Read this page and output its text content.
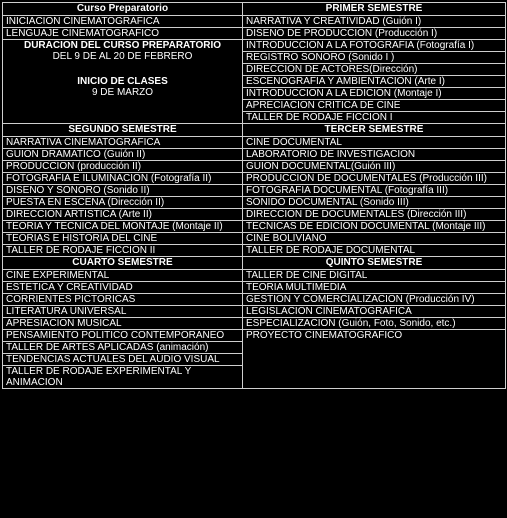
Curso Preparatorio	PRIMER SEMESTRE
INICIACION CINEMATOGRAFICA	NARRATIVA Y CREATIVIDAD (Guión I)
LENGUAJE CINEMATOGRAFICO	DISENO DE PRODUCCION (Producción I)

DURACION DEL CURSO PREPARATORIO
DEL 9 DE AL 20 DE FEBRERO
INICIO DE CLASES
9 DE MARZO	INTRODUCCION A LA FOTOGRAFIA (Fotografía I)
	REGISTRO SONORO (Sonido I )
	DIRECCION DE ACTORES(Dirección)
	ESCENOGRAFIA Y AMBIENTACION (Arte I)
	INTRODUCCION A LA EDICION (Montaje I)
	APRECIACION CRITICA DE CINE
	TALLER DE RODAJE FICCION I
SEGUNDO SEMESTRE	TERCER SEMESTRE
NARRATIVA CINEMATOGRAFICA	CINE DOCUMENTAL
GUION DRAMATICO (Guión II)	LABORATORIO DE INVESTIGACION
PRODUCCION (producción II)	GUION DOCUMENTAL(Guión III)
FOTOGRAFIA E ILUMINACION (Fotografía II)	PRODUCCION DE DOCUMENTALES (Producción III)
DISENO Y SONORO (Sonido II)	FOTOGRAFIA DOCUMENTAL (Fotografía III)
PUESTA EN ESCENA (Dirección II)	SONIDO DOCUMENTAL (Sonido III)
DIRECCION ARTISTICA (Arte II)	DIRECCION DE DOCUMENTALES (Dirección III)
TEORIA Y TECNICA DEL MONTAJE (Montaje II)	TECNICAS DE EDICION DOCUMENTAL (Montaje III)
TEORIAS E HISTORIA DEL CINE	CINE BOLIVIANO
TALLER DE RODAJE FICCION II	TALLER DE RODAJE DOCUMENTAL
CUARTO SEMESTRE	QUINTO SEMESTRE
CINE EXPERIMENTAL	TALLER DE CINE DIGITAL
ESTETICA Y CREATIVIDAD	TEORIA MULTIMEDIA
CORRIENTES PICTORICAS	GESTION Y COMERCIALIZACION (Producción IV)
LITERATURA UNIVERSAL	LEGISLACION CINEMATOGRAFICA
APRESIACION MUSICAL	ESPECIALIZACION (Guión, Foto, Sonido, etc.)
PENSAMIENTO POLITICO CONTEMPORANEO	PROYECTO CINEMATOGRAFICO
TALLER DE ARTES APLICADAS (animación)	
TENDENCIAS ACTUALES DEL AUDIO VISUAL	
TALLER DE RODAJE EXPERIMENTAL Y ANIMACION	
